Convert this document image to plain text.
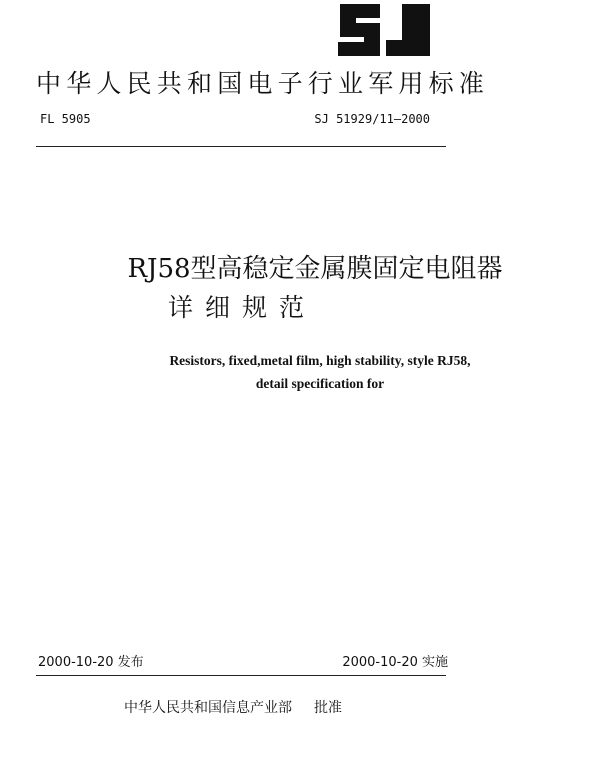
中华人民共和国电子行业军用标准
FL 5905	SJ 51929/11—2000
RJ58型高稳定金属膜固定电阻器
详细规范
Resistors, fixed,metal film, high stability, style RJ58,
detail specification for
2000-10-20 发布	2000-10-20 实施
中华人民共和国信息产业部 批准
